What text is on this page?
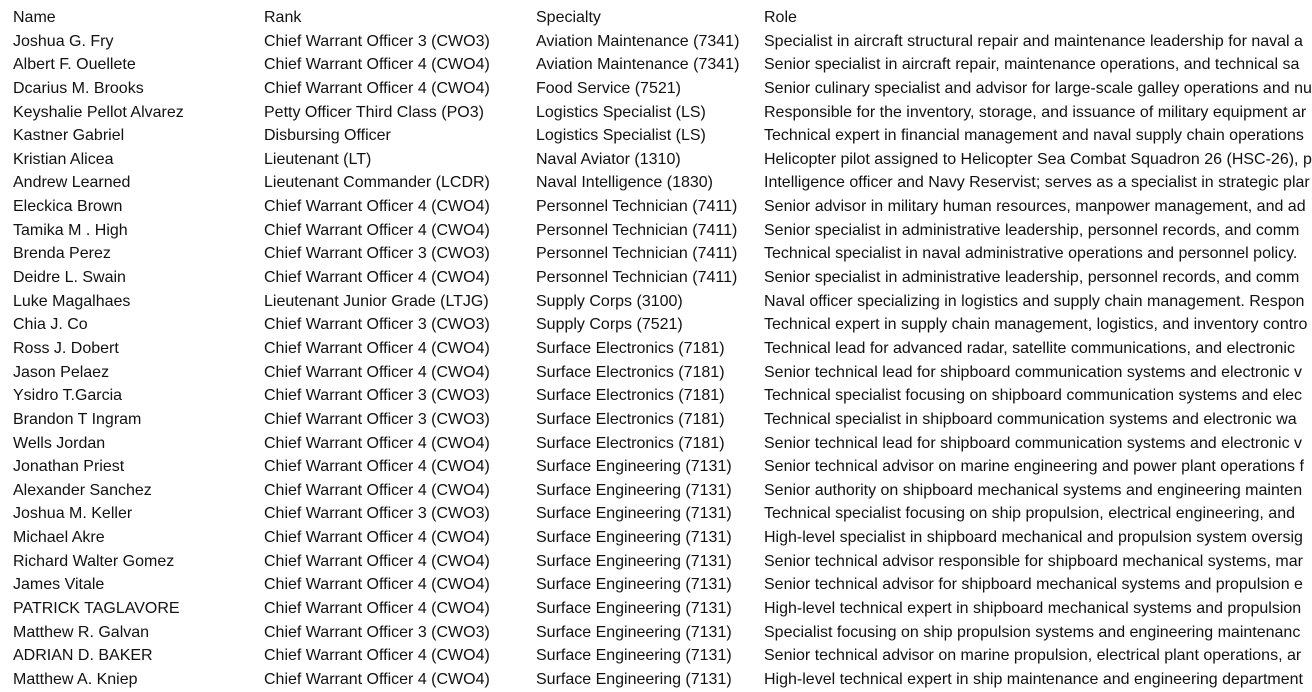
Name	Rank	Specialty	Role
Joshua G. Fry	Chief Warrant Officer 3 (CWO3)	Aviation Maintenance (7341) Specialist in aircraft structural repair and maintenance leadership for naval a
Albert F. Ouellete	Chief Warrant Officer 4 (CWO4)	Aviation Maintenance (7341) Senior specialist in aircraft repair, maintenance operations, and technical sa
Dcarius M. Brooks	Chief Warrant Officer 4 (CWO4)	Food Service (7521)	Senior culinary specialist and advisor for large-scale galley operations and nu
Keyshalie Pellot Alvarez	Petty Officer Third Class (PO3)	Logistics Specialist (LS)	Responsible for the inventory, storage, and issuance of military equipment ar
Kastner Gabriel	Disbursing Officer	Logistics Specialist (LS)	Technical expert in financial management and naval supply chain operations
Kristian Alicea	Lieutenant (LT)	Naval Aviator (1310)	Helicopter pilot assigned to Helicopter Sea Combat Squadron 26 (HSC-26), p
Andrew Learned	Lieutenant Commander (LCDR)	Naval Intelligence (1830)	Intelligence officer and Navy Reservist; serves as a specialist in strategic plar
Eleckica Brown	Chief Warrant Officer 4 (CWO4)	Personnel Technician (7411) Senior advisor in military human resources, manpower management, and ad
Tamika M . High	Chief Warrant Officer 4 (CWO4)	Personnel Technician (7411) Senior specialist in administrative leadership, personnel records, and comm
Brenda Perez	Chief Warrant Officer 3 (CWO3)	Personnel Technician (7411) Technical specialist in naval administrative operations and personnel policy.
Deidre L. Swain	Chief Warrant Officer 4 (CWO4)	Personnel Technician (7411) Senior specialist in administrative leadership, personnel records, and comm
Luke Magalhaes	Lieutenant Junior Grade (LTJG)	Supply Corps (3100)	Naval officer specializing in logistics and supply chain management. Respon
Chia J. Co	Chief Warrant Officer 3 (CWO3)	Supply Corps (7521)	Technical expert in supply chain management, logistics, and inventory contro
Ross J. Dobert	Chief Warrant Officer 4 (CWO4)	Surface Electronics (7181) Technical lead for advanced radar, satellite communications, and electronic
Jason Pelaez	Chief Warrant Officer 4 (CWO4)	Surface Electronics (7181) Senior technical lead for shipboard communication systems and electronic v
Ysidro T.Garcia	Chief Warrant Officer 3 (CWO3)	Surface Electronics (7181) Technical specialist focusing on shipboard communication systems and elec
Brandon T Ingram	Chief Warrant Officer 3 (CWO3)	Surface Electronics (7181) Technical specialist in shipboard communication systems and electronic wa
Wells Jordan	Chief Warrant Officer 4 (CWO4)	Surface Electronics (7181) Senior technical lead for shipboard communication systems and electronic v
Jonathan Priest	Chief Warrant Officer 4 (CWO4)	Surface Engineering (7131) Senior technical advisor on marine engineering and power plant operations f
Alexander Sanchez	Chief Warrant Officer 4 (CWO4)	Surface Engineering (7131) Senior authority on shipboard mechanical systems and engineering mainten
Joshua M. Keller	Chief Warrant Officer 3 (CWO3)	Surface Engineering (7131) Technical specialist focusing on ship propulsion, electrical engineering, and
Michael Akre	Chief Warrant Officer 4 (CWO4)	Surface Engineering (7131) High-level specialist in shipboard mechanical and propulsion system oversig
Richard Walter Gomez	Chief Warrant Officer 4 (CWO4)	Surface Engineering (7131) Senior technical advisor responsible for shipboard mechanical systems, mar
James Vitale	Chief Warrant Officer 4 (CWO4)	Surface Engineering (7131) Senior technical advisor for shipboard mechanical systems and propulsion e
PATRICK TAGLAVORE	Chief Warrant Officer 4 (CWO4)	Surface Engineering (7131) High-level technical expert in shipboard mechanical systems and propulsion
Matthew R. Galvan	Chief Warrant Officer 3 (CWO3)	Surface Engineering (7131) Specialist focusing on ship propulsion systems and engineering maintenanc
ADRIAN D. BAKER	Chief Warrant Officer 4 (CWO4)	Surface Engineering (7131) Senior technical advisor on marine propulsion, electrical plant operations, ar
Matthew A. Kniep	Chief Warrant Officer 4 (CWO4)	Surface Engineering (7131) High-level technical expert in ship maintenance and engineering department
